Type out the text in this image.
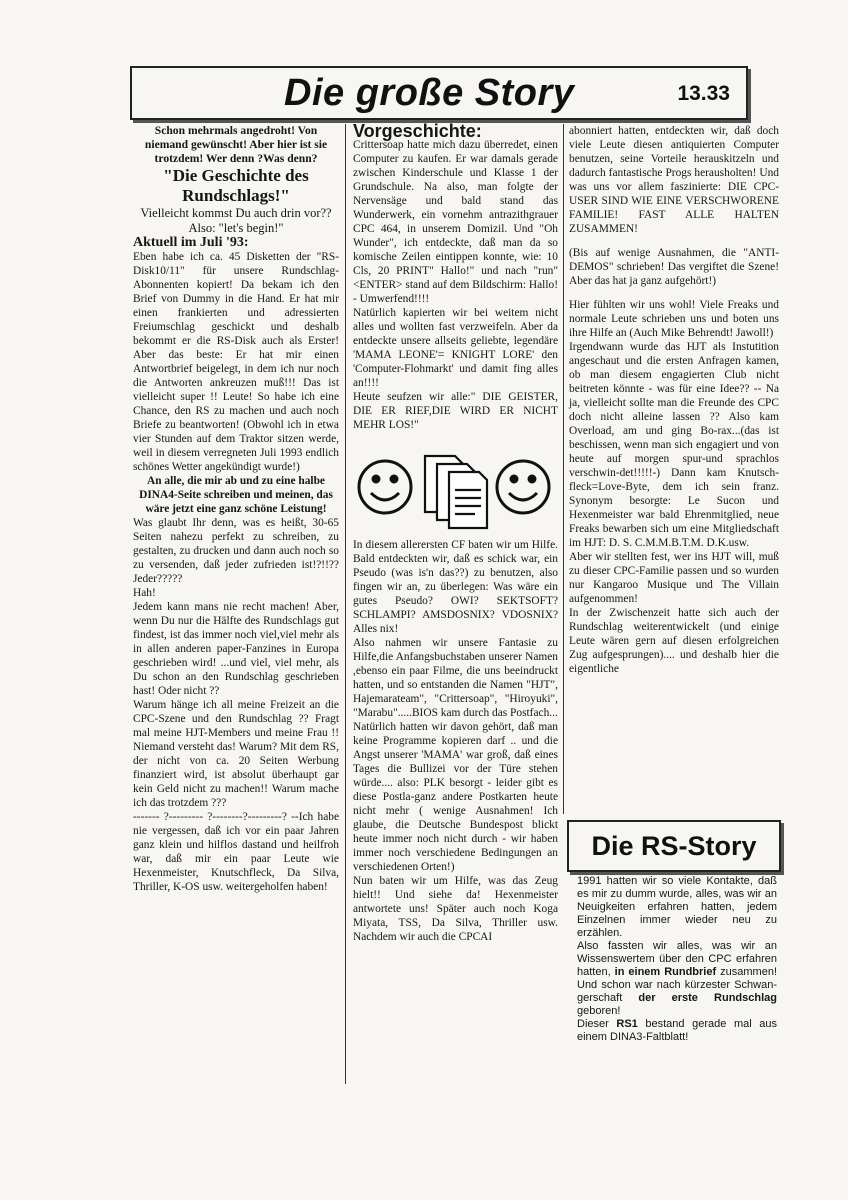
Die große Story	13.33

Schon mehrmals angedroht! Von niemand gewünscht! Aber hier ist sie trotzdem! Wer denn ?Was denn?

"Die Geschichte des Rundschlags!"

Vielleicht kommst Du auch drin vor??

Also: "let's begin!"

Aktuell im Juli '93:

Eben habe ich ca. 45 Disketten der "RS-Disk10/11" für unsere Rundschlag-Abonnenten kopiert! Da bekam ich den Brief von Dummy in die Hand. Er hat mir einen frankierten und adressierten Freiumschlag geschickt und deshalb bekommt er die RS-Disk auch als Erster! Aber das beste: Er hat mir einen Antwortbrief beigelegt, in dem ich nur noch die Antworten ankreuzen muß!!! Das ist vielleicht super !! Leute! So habe ich eine Chance, den RS zu machen und auch noch Briefe zu beantworten! (Obwohl ich in etwa vier Stunden auf dem Traktor sitzen werde, weil in diesem verregneten Juli 1993 endlich schönes Wetter angekündigt wurde!)

An alle, die mir ab und zu eine halbe DINA4-Seite schreiben und meinen, das wäre jetzt eine ganz schöne Leistung!

Was glaubt Ihr denn, was es heißt, 30-65 Seiten nahezu perfekt zu schreiben, zu gestalten, zu drucken und dann auch noch so zu versenden, daß jeder zufrieden ist!?!!?? Jeder?????

Hah!

Jedem kann mans nie recht machen! Aber, wenn Du nur die Hälfte des Rundschlags gut findest, ist das immer noch viel,viel mehr als in allen anderen paper-Fanzines in Europa geschrieben wird! ...und viel, viel mehr, als Du schon an den Rundschlag geschrieben hast! Oder nicht ??

Warum hänge ich all meine Freizeit an die CPC-Szene und den Rundschlag ?? Fragt mal meine HJT-Members und meine Frau !! Niemand versteht das! Warum? Mit dem RS, der nicht von ca. 20 Seiten Werbung finanziert wird, ist absolut überhaupt gar kein Geld nicht zu machen!! Warum mache ich das trotzdem ???

------- ?--------- ?--------?---------? --Ich habe nie vergessen, daß ich vor ein paar Jahren ganz klein und hilflos dastand und heilfroh war, daß mir ein paar Leute wie Hexenmeister, Knutschfleck, Da Silva, Thriller, K-OS usw. weitergeholfen haben!

Vorgeschichte:

Crittersoap hatte mich dazu überredet, einen Computer zu kaufen. Er war damals gerade zwischen Kinderschule und Klasse 1 der Grundschule. Na also, man folgte der Nervensäge und bald stand das Wunderwerk, ein vornehm antrazithgrauer CPC 464, in unserem Domizil. Und "Oh Wunder", ich entdeckte, daß man da so komische Zeilen eintippen konnte, wie: 10 Cls, 20 PRINT" Hallo!" und nach "run" <ENTER> stand auf dem Bildschirm: Hallo! - Umwerfend!!!!

Natürlich kapierten wir bei weitem nicht alles und wollten fast verzweifeln. Aber da entdeckte unsere allseits geliebte, legendäre 'MAMA LEONE'= KNIGHT LORE' den 'Computer-Flohmarkt' und damit fing alles an!!!!

Heute seufzen wir alle:" DIE GEISTER, DIE ER RIEF,DIE WIRD ER NICHT MEHR LOS!"

In diesem allerersten CF baten wir um Hilfe. Bald entdeckten wir, daß es schick war, ein Pseudo (was is'n das??) zu benutzen, also fingen wir an, zu überlegen: Was wäre ein gutes Pseudo? OWI? SEKTSOFT? SCHLAMPI? AMSDOSNIX? VDOSNIX? Alles nix!

Also nahmen wir unsere Fantasie zu Hilfe,die Anfangsbuchstaben unserer Namen ,ebenso ein paar Filme, die uns beeindruckt hatten, und so entstanden die Namen "HJT", Hajemarateam", "Crittersoap", "Hiroyuki", "Marabu".....BIOS kam durch das Postfach...

Natürlich hatten wir davon gehört, daß man keine Programme kopieren darf .. und die Angst unserer 'MAMA' war groß, daß eines Tages die Bullizei vor der Türe stehen würde.... also: PLK besorgt - leider gibt es diese Postla-ganz andere Postkarten heute nicht mehr ( wenige Ausnahmen! Ich glaube, die Deutsche Bundespost blickt heute immer noch nicht durch - wir haben immer noch verschiedene Bedingungen an verschiedenen Orten!)

Nun baten wir um Hilfe, was das Zeug hielt!! Und siehe da! Hexenmeister antwortete uns! Später auch noch Koga Miyata, TSS, Da Silva, Thriller usw. Nachdem wir auch die CPCAI

abonniert hatten, entdeckten wir, daß doch viele Leute diesen antiquierten Computer benutzen, seine Vorteile herauskitzeln und dadurch fantastische Progs herausholten! Und was uns vor allem faszinierte: DIE CPC-USER SIND WIE EINE VERSCHWORENE FAMILIE! FAST ALLE HALTEN ZUSAMMEN!

(Bis auf wenige Ausnahmen, die "ANTI-DEMOS" schrieben! Das vergiftet die Szene! Aber das hat ja ganz aufgehört!)

Hier fühlten wir uns wohl! Viele Freaks und normale Leute schrieben uns und boten uns ihre Hilfe an (Auch Mike Behrendt! Jawoll!)

Irgendwann wurde das HJT als Instutition angeschaut und die ersten Anfragen kamen, ob man diesem engagierten Club nicht beitreten könnte - was für eine Idee?? -- Na ja, vielleicht sollte man die Freunde des CPC doch nicht alleine lassen ?? Also kam Overload, am und ging Bo-rax...(das ist beschissen, wenn man sich engagiert und von heute auf morgen spur-und sprachlos verschwin-det!!!!!-) Dann kam Knutsch-fleck=Love-Byte, dem ich sein franz. Synonym besorgte: Le Sucon und Hexenmeister war bald Ehrenmitglied, neue Freaks bewarben sich um eine Mitgliedschaft im HJT: D. S. C.M.M.B.T.M. D.K.usw.

Aber wir stellten fest, wer ins HJT will, muß zu dieser CPC-Familie passen und so wurden nur Kangaroo Musique und The Villain aufgenommen!

In der Zwischenzeit hatte sich auch der Rundschlag weiterentwickelt (und einige Leute wären gern auf diesen erfolgreichen Zug aufgesprungen).... und deshalb hier die eigentliche

Die RS-Story

1991 hatten wir so viele Kontakte, daß es mir zu dumm wurde, alles, was wir an Neuigkeiten erfahren hatten, jedem Einzelnen immer wieder neu zu erzählen.

Also fassten wir alles, was wir an Wissenswertem über den CPC erfahren hatten, in einem Rundbrief zusammen! Und schon war nach kürzester Schwan-gerschaft der erste Rundschlag geboren!

Dieser RS1 bestand gerade mal aus einem DINA3-Faltblatt!
